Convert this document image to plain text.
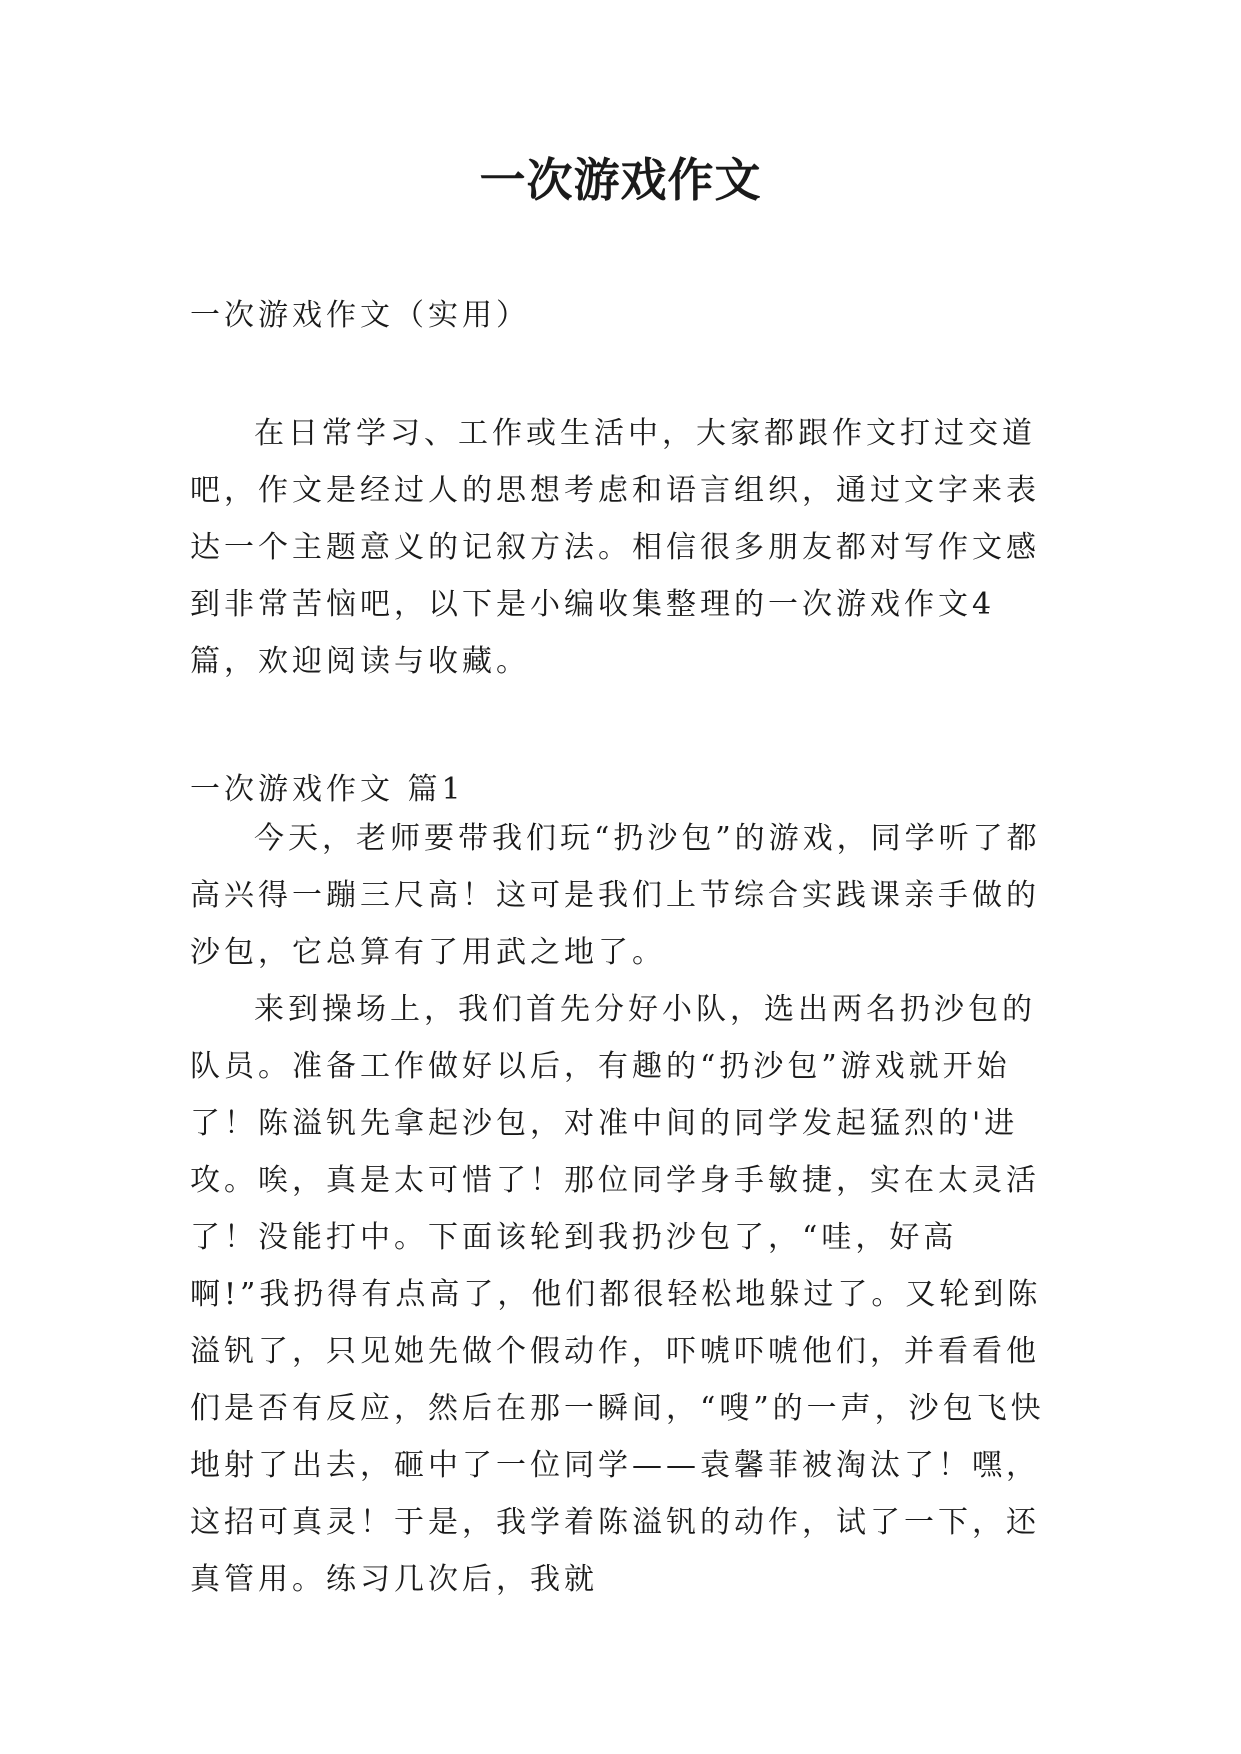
一次游戏作文
一次游戏作文（实用）

在日常学习、工作或生活中，大家都跟作文打过交道吧，作文是经过人的思想考虑和语言组织，通过文字来表达一个主题意义的记叙方法。相信很多朋友都对写作文感到非常苦恼吧，以下是小编收集整理的一次游戏作文4篇，欢迎阅读与收藏。

一次游戏作文 篇1

今天，老师要带我们玩“扔沙包”的游戏，同学听了都高兴得一蹦三尺高！这可是我们上节综合实践课亲手做的沙包，它总算有了用武之地了。

来到操场上，我们首先分好小队，选出两名扔沙包的队员。准备工作做好以后，有趣的“扔沙包”游戏就开始了！陈溢钒先拿起沙包，对准中间的同学发起猛烈的'进攻。唉，真是太可惜了！那位同学身手敏捷，实在太灵活了！没能打中。下面该轮到我扔沙包了，“哇，好高啊!”我扔得有点高了，他们都很轻松地躲过了。又轮到陈溢钒了，只见她先做个假动作，吓唬吓唬他们，并看看他们是否有反应，然后在那一瞬间，“嗖”的一声，沙包飞快地射了出去，砸中了一位同学——袁馨菲被淘汰了！嘿，这招可真灵！于是，我学着陈溢钒的动作，试了一下，还真管用。练习几次后，我就
